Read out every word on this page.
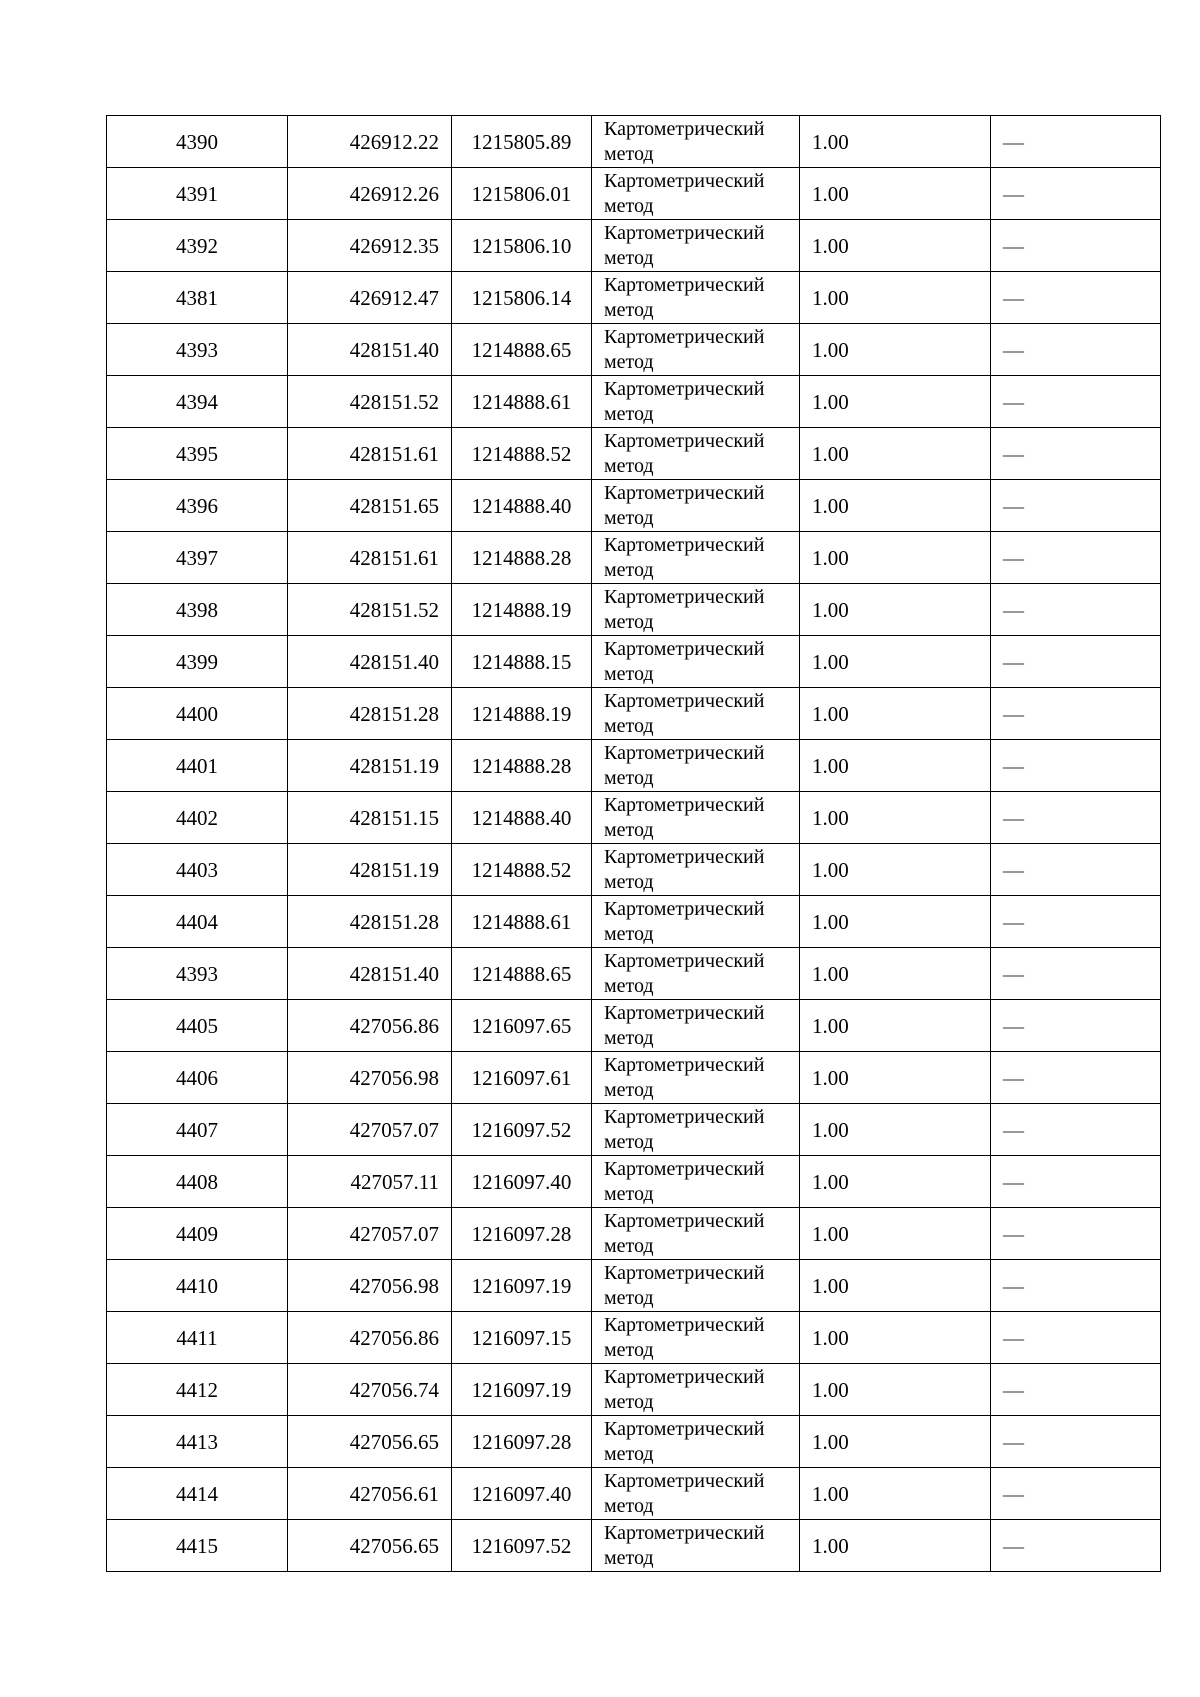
4390	426912.22	1215805.89	Картометрический
метод	1.00	—
4391	426912.26	1215806.01	Картометрический
метод	1.00	—
4392	426912.35	1215806.10	Картометрический
метод	1.00	—
4381	426912.47	1215806.14	Картометрический
метод	1.00	—
4393	428151.40	1214888.65	Картометрический
метод	1.00	—
4394	428151.52	1214888.61	Картометрический
метод	1.00	—
4395	428151.61	1214888.52	Картометрический
метод	1.00	—
4396	428151.65	1214888.40	Картометрический
метод	1.00	—
4397	428151.61	1214888.28	Картометрический
метод	1.00	—
4398	428151.52	1214888.19	Картометрический
метод	1.00	—
4399	428151.40	1214888.15	Картометрический
метод	1.00	—
4400	428151.28	1214888.19	Картометрический
метод	1.00	—
4401	428151.19	1214888.28	Картометрический
метод	1.00	—
4402	428151.15	1214888.40	Картометрический
метод	1.00	—
4403	428151.19	1214888.52	Картометрический
метод	1.00	—
4404	428151.28	1214888.61	Картометрический
метод	1.00	—
4393	428151.40	1214888.65	Картометрический
метод	1.00	—
4405	427056.86	1216097.65	Картометрический
метод	1.00	—
4406	427056.98	1216097.61	Картометрический
метод	1.00	—
4407	427057.07	1216097.52	Картометрический
метод	1.00	—
4408	427057.11	1216097.40	Картометрический
метод	1.00	—
4409	427057.07	1216097.28	Картометрический
метод	1.00	—
4410	427056.98	1216097.19	Картометрический
метод	1.00	—
4411	427056.86	1216097.15	Картометрический
метод	1.00	—
4412	427056.74	1216097.19	Картометрический
метод	1.00	—
4413	427056.65	1216097.28	Картометрический
метод	1.00	—
4414	427056.61	1216097.40	Картометрический
метод	1.00	—
4415	427056.65	1216097.52	Картометрический
метод	1.00	—
